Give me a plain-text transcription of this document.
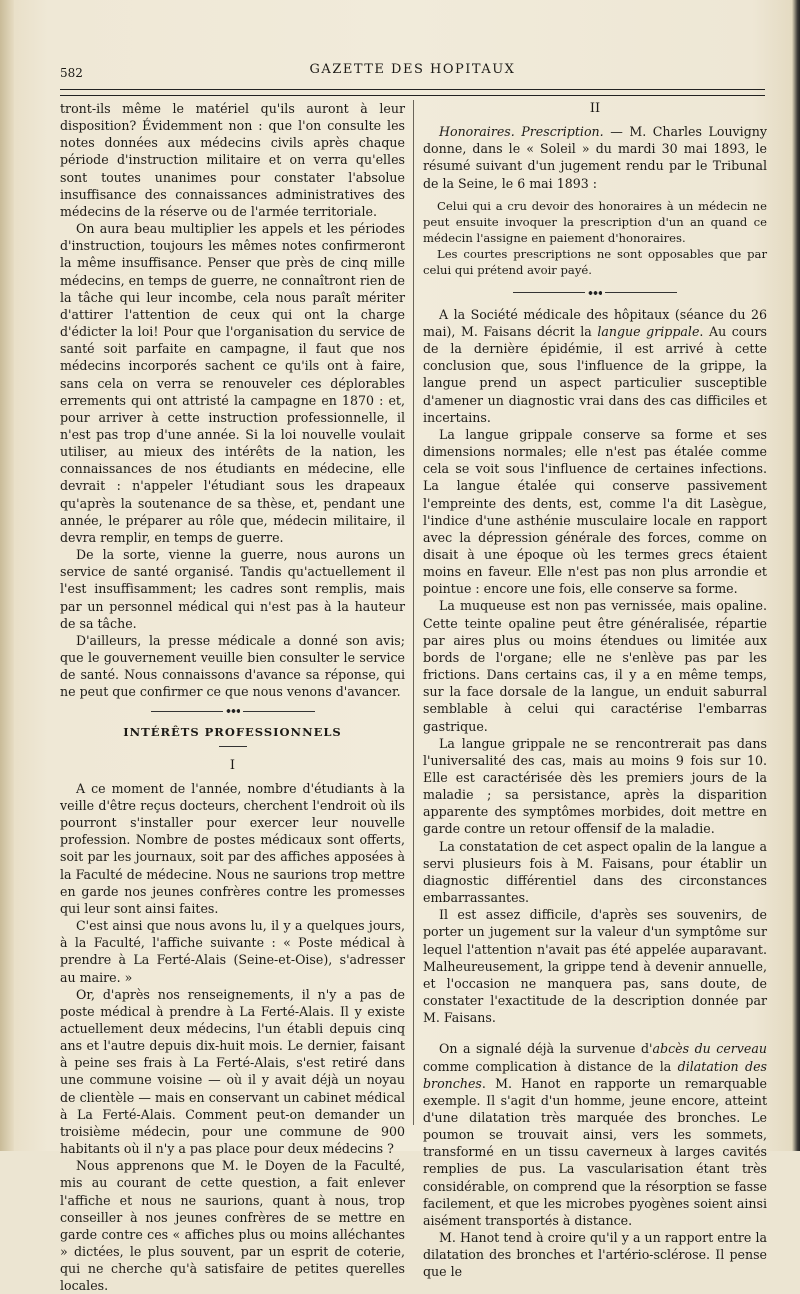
582	GAZETTE DES HOPITAUX

tront-ils même le matériel qu'ils auront à leur disposition? Évidemment non : que l'on consulte les notes données aux médecins civils après chaque période d'instruction militaire et on verra qu'elles sont toutes unanimes pour constater l'absolue insuffisance des connaissances administratives des médecins de la réserve ou de l'armée territoriale.

On aura beau multiplier les appels et les périodes d'instruction, toujours les mêmes notes confirmeront la même insuffisance. Penser que près de cinq mille médecins, en temps de guerre, ne connaîtront rien de la tâche qui leur incombe, cela nous paraît mériter d'attirer l'attention de ceux qui ont la charge d'édicter la loi! Pour que l'organisation du service de santé soit parfaite en campagne, il faut que nos médecins incorporés sachent ce qu'ils ont à faire, sans cela on verra se renouveler ces déplorables errements qui ont attristé la campagne en 1870 : et, pour arriver à cette instruction professionnelle, il n'est pas trop d'une année. Si la loi nouvelle voulait utiliser, au mieux des intérêts de la nation, les connaissances de nos étudiants en médecine, elle devrait : n'appeler l'étudiant sous les drapeaux qu'après la soutenance de sa thèse, et, pendant une année, le préparer au rôle que, médecin militaire, il devra remplir, en temps de guerre.

De la sorte, vienne la guerre, nous aurons un service de santé organisé. Tandis qu'actuellement il l'est insuffisamment; les cadres sont remplis, mais par un personnel médical qui n'est pas à la hauteur de sa tâche.

D'ailleurs, la presse médicale a donné son avis; que le gouvernement veuille bien consulter le service de santé. Nous connaissons d'avance sa réponse, qui ne peut que confirmer ce que nous venons d'avancer.

INTÉRÊTS PROFESSIONNELS
I

A ce moment de l'année, nombre d'étudiants à la veille d'être reçus docteurs, cherchent l'endroit où ils pourront s'installer pour exercer leur nouvelle profession. Nombre de postes médicaux sont offerts, soit par les journaux, soit par des affiches apposées à la Faculté de médecine. Nous ne saurions trop mettre en garde nos jeunes confrères contre les promesses qui leur sont ainsi faites.

C'est ainsi que nous avons lu, il y a quelques jours, à la Faculté, l'affiche suivante : « Poste médical à prendre à La Ferté-Alais (Seine-et-Oise), s'adresser au maire. »

Or, d'après nos renseignements, il n'y a pas de poste médical à prendre à La Ferté-Alais. Il y existe actuellement deux médecins, l'un établi depuis cinq ans et l'autre depuis dix-huit mois. Le dernier, faisant à peine ses frais à La Ferté-Alais, s'est retiré dans une commune voisine — où il y avait déjà un noyau de clientèle — mais en conservant un cabinet médical à La Ferté-Alais. Comment peut-on demander un troisième médecin, pour une commune de 900 habitants où il n'y a pas place pour deux médecins ?

Nous apprenons que M. le Doyen de la Faculté, mis au courant de cette question, a fait enlever l'affiche et nous ne saurions, quant à nous, trop conseiller à nos jeunes confrères de se mettre en garde contre ces « affiches plus ou moins alléchantes » dictées, le plus souvent, par un esprit de coterie, qui ne cherche qu'à satisfaire de petites querelles locales.

II

Honoraires. Prescription. — M. Charles Louvigny donne, dans le « Soleil » du mardi 30 mai 1893, le résumé suivant d'un jugement rendu par le Tribunal de la Seine, le 6 mai 1893 :

Celui qui a cru devoir des honoraires à un médecin ne peut ensuite invoquer la prescription d'un an quand ce médecin l'assigne en paiement d'honoraires.

Les courtes prescriptions ne sont opposables que par celui qui prétend avoir payé.

A la Société médicale des hôpitaux (séance du 26 mai), M. Faisans décrit la langue grippale. Au cours de la dernière épidémie, il est arrivé à cette conclusion que, sous l'influence de la grippe, la langue prend un aspect particulier susceptible d'amener un diagnostic vrai dans des cas difficiles et incertains.

La langue grippale conserve sa forme et ses dimensions normales; elle n'est pas étalée comme cela se voit sous l'influence de certaines infections. La langue étalée qui conserve passivement l'empreinte des dents, est, comme l'a dit Lasègue, l'indice d'une asthénie musculaire locale en rapport avec la dépression générale des forces, comme on disait à une époque où les termes grecs étaient moins en faveur. Elle n'est pas non plus arrondie et pointue : encore une fois, elle conserve sa forme.

La muqueuse est non pas vernissée, mais opaline. Cette teinte opaline peut être généralisée, répartie par aires plus ou moins étendues ou limitée aux bords de l'organe; elle ne s'enlève pas par les frictions. Dans certains cas, il y a en même temps, sur la face dorsale de la langue, un enduit saburral semblable à celui qui caractérise l'embarras gastrique.

La langue grippale ne se rencontrerait pas dans l'universalité des cas, mais au moins 9 fois sur 10. Elle est caractérisée dès les premiers jours de la maladie ; sa persistance, après la disparition apparente des symptômes morbides, doit mettre en garde contre un retour offensif de la maladie.

La constatation de cet aspect opalin de la langue a servi plusieurs fois à M. Faisans, pour établir un diagnostic différentiel dans des circonstances embarrassantes.

Il est assez difficile, d'après ses souvenirs, de porter un jugement sur la valeur d'un symptôme sur lequel l'attention n'avait pas été appelée auparavant. Malheureusement, la grippe tend à devenir annuelle, et l'occasion ne manquera pas, sans doute, de constater l'exactitude de la description donnée par M. Faisans.

On a signalé déjà la survenue d'abcès du cerveau comme complication à distance de la dilatation des bronches. M. Hanot en rapporte un remarquable exemple. Il s'agit d'un homme, jeune encore, atteint d'une dilatation très marquée des bronches. Le poumon se trouvait ainsi, vers les sommets, transformé en un tissu caverneux à larges cavités remplies de pus. La vascularisation étant très considérable, on comprend que la résorption se fasse facilement, et que les microbes pyogènes soient ainsi aisément transportés à distance.

M. Hanot tend à croire qu'il y a un rapport entre la dilatation des bronches et l'artério-sclérose. Il pense que le
